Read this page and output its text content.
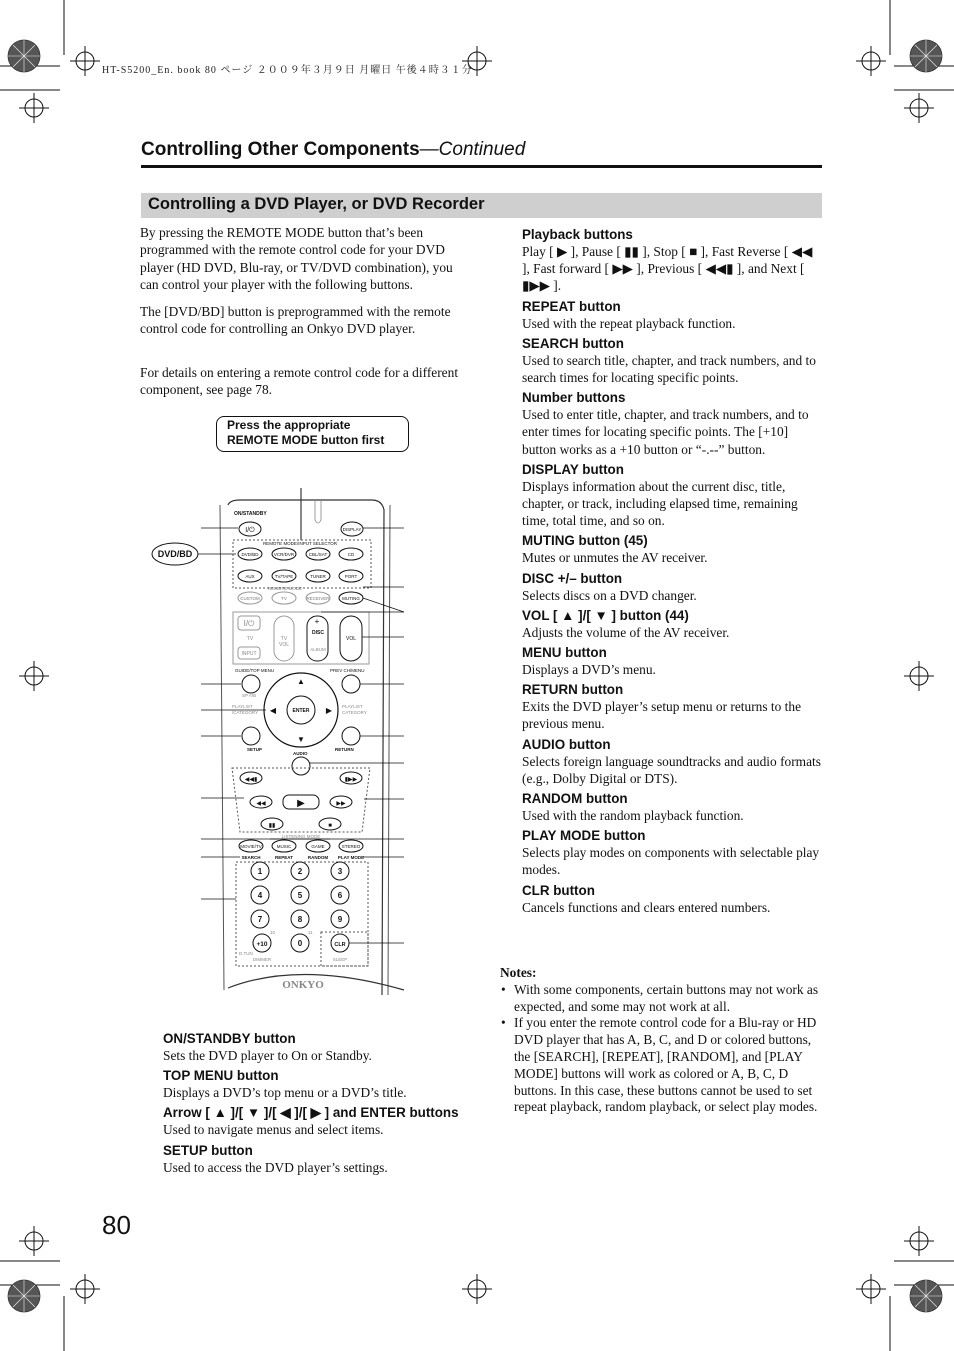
HT-S5200_En. book 80 ページ ２００９年３月９日 月曜日 午後４時３１分
Controlling Other Components—Continued
Controlling a DVD Player, or DVD Recorder

By pressing the REMOTE MODE button that’s been programmed with the remote control code for your DVD player (HD DVD, Blu-ray, or TV/DVD combination), you can control your player with the following buttons.

The [DVD/BD] button is preprogrammed with the remote control code for controlling an Onkyo DVD player.

For details on entering a remote control code for a different component, see page 78.

Press the appropriate
REMOTE MODE button first
DVD/BD
ON/STANDBY
I/⏻	DISPLAY
REMOTE MODE/INPUT SELECTOR
DVD/BD	VCR/DVR	CBL/SAT	CD
AUX	TV/TAPE	TUNER	PORT
REMOTE MODE
CUSTOM	TV	RECEIVER	MUTING
I/⏻
TV
INPUT
TV
VOL
+
DISC
ALBUM
VOL
GUIDE/TOP MENU	PREV CH/MENU
SP A/B
ENTER
▲
▼
◀	▶
PLAYLIST
/CATEGORY
PLAYLIST
CATEGORY
SETUP	RETURN
AUDIO
◀◀▮	▮▶▶
◀◀	▶	▶▶
▮▮	■
LISTENING MODE
MOVIE/TV	MUSIC	GAME	STEREO
SEARCH	REPEAT	RANDOM PLAY MODE
1	2	3
4	5	6
7	8	9
+10	0	CLR
10	11
D.TUN
DIMMER	SLEEP
ONKYO
ON/STANDBY button

Sets the DVD player to On or Standby.

TOP MENU button

Displays a DVD’s top menu or a DVD’s title.

Arrow [ ▲ ]/[ ▼ ]/[ ◀ ]/[ ▶ ] and ENTER buttons

Used to navigate menus and select items.

SETUP button

Used to access the DVD player’s settings.

Playback buttons

Play [ ▶ ], Pause [ ▮▮ ], Stop [ ■ ], Fast Reverse [ ◀◀ ], Fast forward [ ▶▶ ], Previous [ ◀◀▮ ], and Next [ ▮▶▶ ].

REPEAT button

Used with the repeat playback function.

SEARCH button

Used to search title, chapter, and track numbers, and to search times for locating specific points.

Number buttons

Used to enter title, chapter, and track numbers, and to enter times for locating specific points. The [+10] button works as a +10 button or “-.--” button.

DISPLAY button

Displays information about the current disc, title, chapter, or track, including elapsed time, remaining time, total time, and so on.

MUTING button (45)

Mutes or unmutes the AV receiver.

DISC +/– button

Selects discs on a DVD changer.

VOL [ ▲ ]/[ ▼ ] button (44)

Adjusts the volume of the AV receiver.

MENU button

Displays a DVD’s menu.

RETURN button

Exits the DVD player’s setup menu or returns to the previous menu.

AUDIO button

Selects foreign language soundtracks and audio formats (e.g., Dolby Digital or DTS).

RANDOM button

Used with the random playback function.

PLAY MODE button

Selects play modes on components with selectable play modes.

CLR button

Cancels functions and clears entered numbers.

Notes:
• With some components, certain buttons may not work as expected, and some may not work at all.
• If you enter the remote control code for a Blu-ray or HD DVD player that has A, B, C, and D or colored buttons, the [SEARCH], [REPEAT], [RANDOM], and [PLAY MODE] buttons will work as colored or A, B, C, D buttons. In this case, these buttons cannot be used to set repeat playback, random playback, or select play modes.
80
